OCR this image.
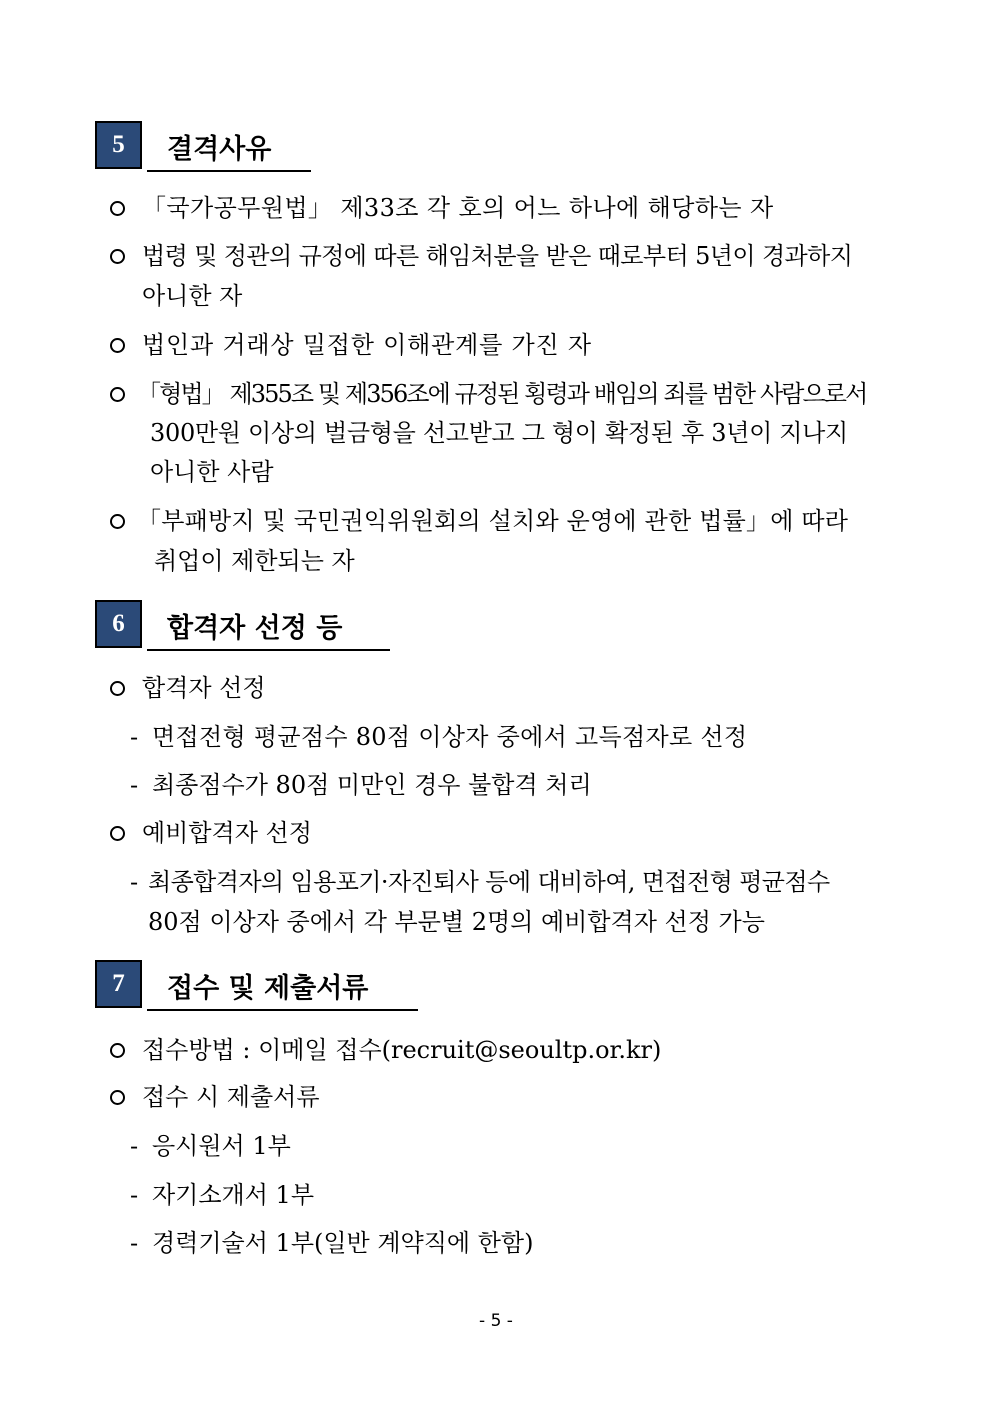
5	결격사유
「국가공무원법」 제33조 각 호의 어느 하나에 해당하는 자
법령 및 정관의 규정에 따른 해임처분을 받은 때로부터 5년이 경과하지
아니한 자
법인과 거래상 밀접한 이해관계를 가진 자
「형법」 제355조 및 제356조에 규정된 횡령과 배임의 죄를 범한 사람으로서
300만원 이상의 벌금형을 선고받고 그 형이 확정된 후 3년이 지나지
아니한 사람
「부패방지 및 국민권익위원회의 설치와 운영에 관한 법률」에 따라
취업이 제한되는 자
6	합격자 선정 등
합격자 선정
- 면접전형 평균점수 80점 이상자 중에서 고득점자로 선정
- 최종점수가 80점 미만인 경우 불합격 처리
예비합격자 선정
- 최종합격자의 임용포기·자진퇴사 등에 대비하여, 면접전형 평균점수
80점 이상자 중에서 각 부문별 2명의 예비합격자 선정 가능
7	접수 및 제출서류
접수방법 : 이메일 접수(recruit@seoultp.or.kr)
접수 시 제출서류
- 응시원서 1부
- 자기소개서 1부
- 경력기술서 1부(일반 계약직에 한함)
- 5 -
